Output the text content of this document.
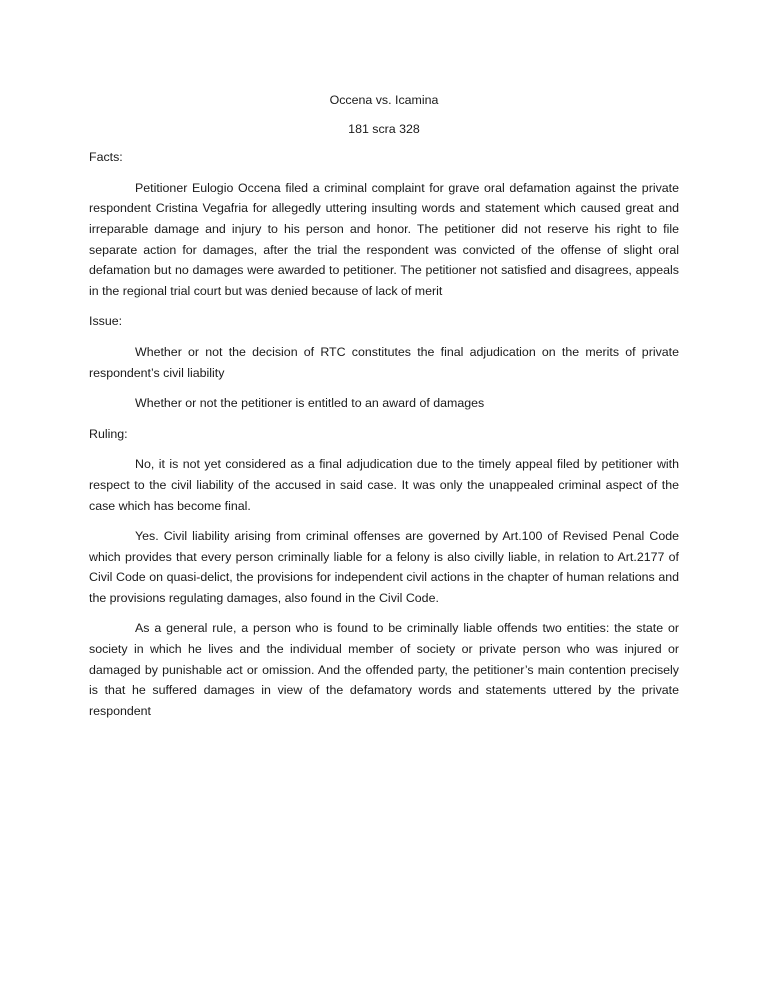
Occena vs. Icamina

181 scra 328

Facts:

Petitioner Eulogio Occena filed a criminal complaint for grave oral defamation against the private respondent Cristina Vegafria for allegedly uttering insulting words and statement which caused great and irreparable damage and injury to his person and honor. The petitioner did not reserve his right to file separate action for damages, after the trial the respondent was convicted of the offense of slight oral defamation but no damages were awarded to petitioner. The petitioner not satisfied and disagrees, appeals in the regional trial court but was denied because of lack of merit

Issue:

Whether or not the decision of RTC constitutes the final adjudication on the merits of private respondent’s civil liability

Whether or not the petitioner is entitled to an award of damages

Ruling:

No, it is not yet considered as a final adjudication due to the timely appeal filed by petitioner with respect to the civil liability of the accused in said case. It was only the unappealed criminal aspect of the case which has become final.

Yes. Civil liability arising from criminal offenses are governed by Art.100 of Revised Penal Code which provides that every person criminally liable for a felony is also civilly liable, in relation to Art.2177 of Civil Code on quasi-delict, the provisions for independent civil actions in the chapter of human relations and the provisions regulating damages, also found in the Civil Code.

As a general rule, a person who is found to be criminally liable offends two entities: the state or society in which he lives and the individual member of society or private person who was injured or damaged by punishable act or omission. And the offended party, the petitioner’s main contention precisely is that he suffered damages in view of the defamatory words and statements uttered by the private respondent
